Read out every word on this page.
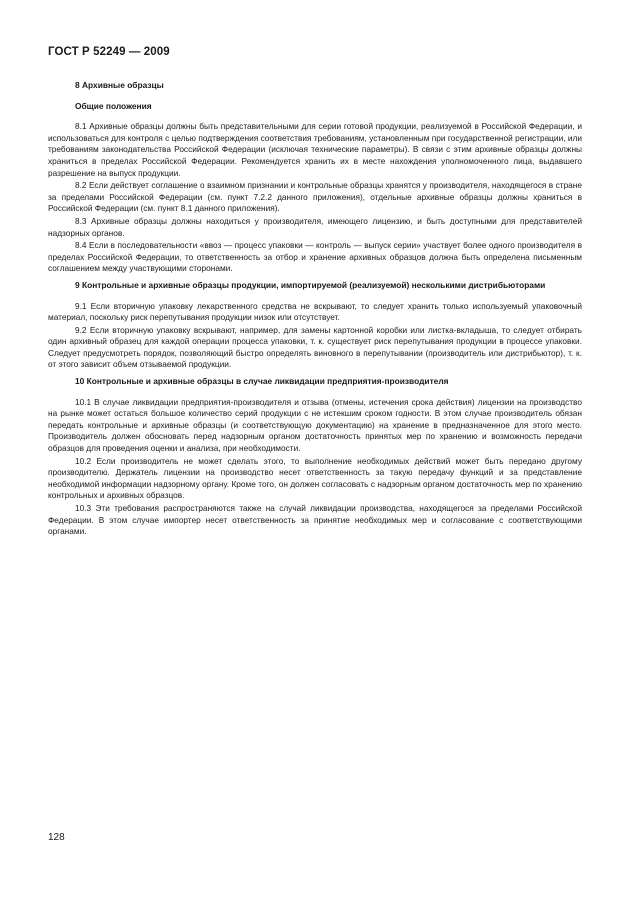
ГОСТ Р 52249 — 2009
8 Архивные образцы
Общие положения

8.1 Архивные образцы должны быть представительными для серии готовой продукции, реализуемой в Российской Федерации, и использоваться для контроля с целью подтверждения соответствия требованиям, установленным при государственной регистрации, или требованиям законодательства Российской Федерации (исключая технические параметры). В связи с этим архивные образцы должны храниться в пределах Российской Федерации. Рекомендуется хранить их в месте нахождения уполномоченного лица, выдавшего разрешение на выпуск продукции.

8.2 Если действует соглашение о взаимном признании и контрольные образцы хранятся у производителя, находящегося в стране за пределами Российской Федерации (см. пункт 7.2.2 данного приложения), отдельные архивные образцы должны храниться в Российской Федерации (см. пункт 8.1 данного приложения).

8.3 Архивные образцы должны находиться у производителя, имеющего лицензию, и быть доступными для представителей надзорных органов.

8.4 Если в последовательности «ввоз — процесс упаковки — контроль — выпуск серии» участвует более одного производителя в пределах Российской Федерации, то ответственность за отбор и хранение архивных образцов должна быть определена письменным соглашением между участвующими сторонами.

9 Контрольные и архивные образцы продукции, импортируемой (реализуемой) несколькими дистрибьюторами

9.1 Если вторичную упаковку лекарственного средства не вскрывают, то следует хранить только используемый упаковочный материал, поскольку риск перепутывания продукции низок или отсутствует.

9.2 Если вторичную упаковку вскрывают, например, для замены картонной коробки или листка-вкладыша, то следует отбирать один архивный образец для каждой операции процесса упаковки, т. к. существует риск перепутывания продукции в процессе упаковки. Следует предусмотреть порядок, позволяющий быстро определять виновного в перепутывании (производитель или дистрибьютор), т. к. от этого зависит объем отзываемой продукции.

10 Контрольные и архивные образцы в случае ликвидации предприятия-производителя

10.1 В случае ликвидации предприятия-производителя и отзыва (отмены, истечения срока действия) лицензии на производство на рынке может остаться большое количество серий продукции с не истекшим сроком годности. В этом случае производитель обязан передать контрольные и архивные образцы (и соответствующую документацию) на хранение в предназначенное для этого место. Производитель должен обосновать перед надзорным органом достаточность принятых мер по хранению и возможность передачи образцов для проведения оценки и анализа, при необходимости.

10.2 Если производитель не может сделать этого, то выполнение необходимых действий может быть передано другому производителю. Держатель лицензии на производство несет ответственность за такую передачу функций и за представление необходимой информации надзорному органу. Кроме того, он должен согласовать с надзорным органом достаточность мер по хранению контрольных и архивных образцов.

10.3 Эти требования распространяются также на случай ликвидации производства, находящегося за пределами Российской Федерации. В этом случае импортер несет ответственность за принятие необходимых мер и согласование с соответствующими органами.

128
